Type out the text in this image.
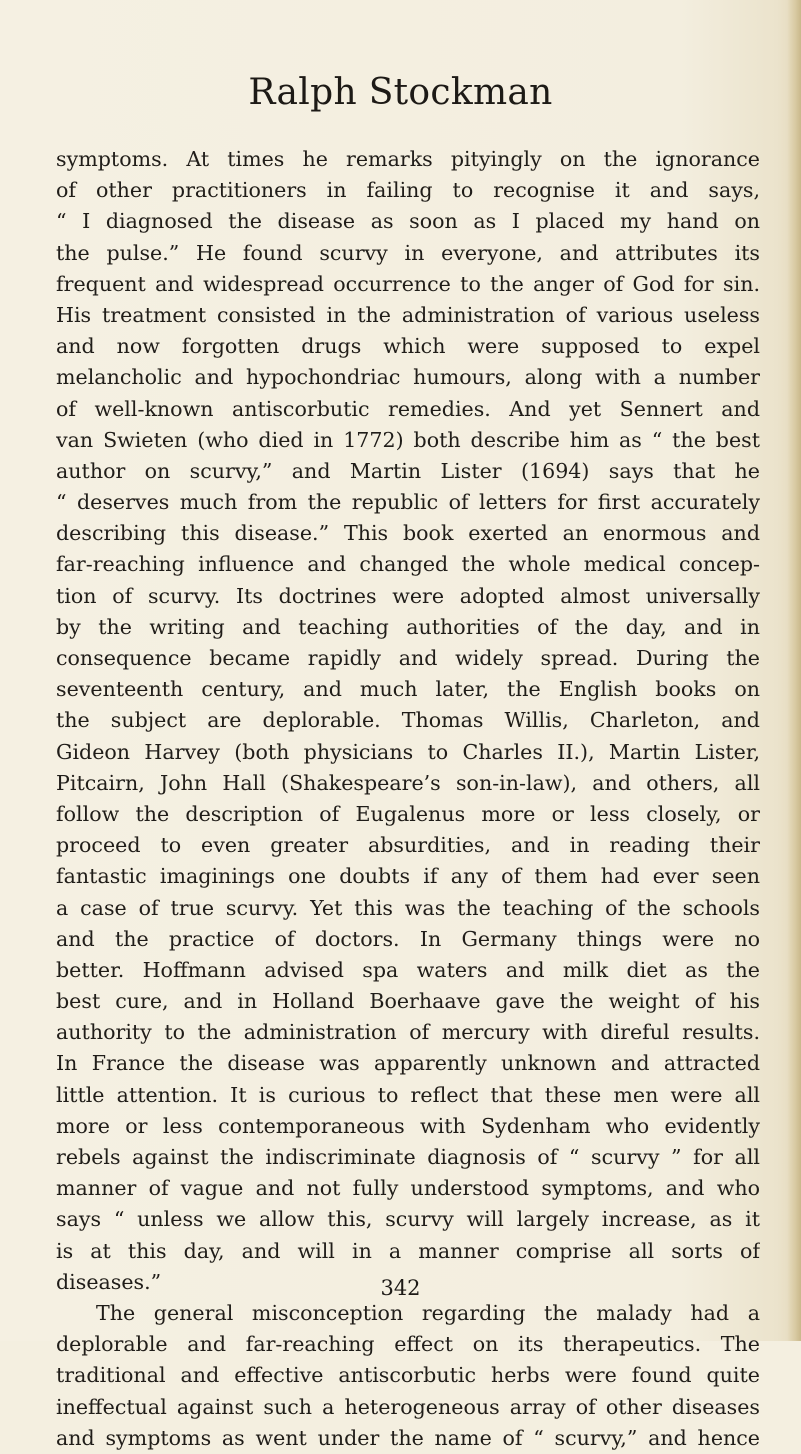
Ralph Stockman
symptoms. At times he remarks pityingly on the ignorance
of other practitioners in failing to recognise it and says,
“ I diagnosed the disease as soon as I placed my hand on
the pulse.” He found scurvy in everyone, and attributes its
frequent and widespread occurrence to the anger of God for sin.
His treatment consisted in the administration of various useless
and now forgotten drugs which were supposed to expel
melancholic and hypochondriac humours, along with a number
of well-known antiscorbutic remedies. And yet Sennert and
van Swieten (who died in 1772) both describe him as “ the best
author on scurvy,” and Martin Lister (1694) says that he
“ deserves much from the republic of letters for first accurately
describing this disease.” This book exerted an enormous and
far-reaching influence and changed the whole medical concep-
tion of scurvy. Its doctrines were adopted almost universally
by the writing and teaching authorities of the day, and in
consequence became rapidly and widely spread. During the
seventeenth century, and much later, the English books on
the subject are deplorable. Thomas Willis, Charleton, and
Gideon Harvey (both physicians to Charles II.), Martin Lister,
Pitcairn, John Hall (Shakespeare’s son-in-law), and others, all
follow the description of Eugalenus more or less closely, or
proceed to even greater absurdities, and in reading their
fantastic imaginings one doubts if any of them had ever seen
a case of true scurvy. Yet this was the teaching of the schools
and the practice of doctors. In Germany things were no
better. Hoffmann advised spa waters and milk diet as the
best cure, and in Holland Boerhaave gave the weight of his
authority to the administration of mercury with direful results.
In France the disease was apparently unknown and attracted
little attention. It is curious to reflect that these men were all
more or less contemporaneous with Sydenham who evidently
rebels against the indiscriminate diagnosis of “ scurvy ” for all
manner of vague and not fully understood symptoms, and who
says “ unless we allow this, scurvy will largely increase, as it
is at this day, and will in a manner comprise all sorts of
diseases.”
The general misconception regarding the malady had a
deplorable and far-reaching effect on its therapeutics. The
traditional and effective antiscorbutic herbs were found quite
ineffectual against such a heterogeneous array of other diseases
and symptoms as went under the name of “ scurvy,” and hence
342
